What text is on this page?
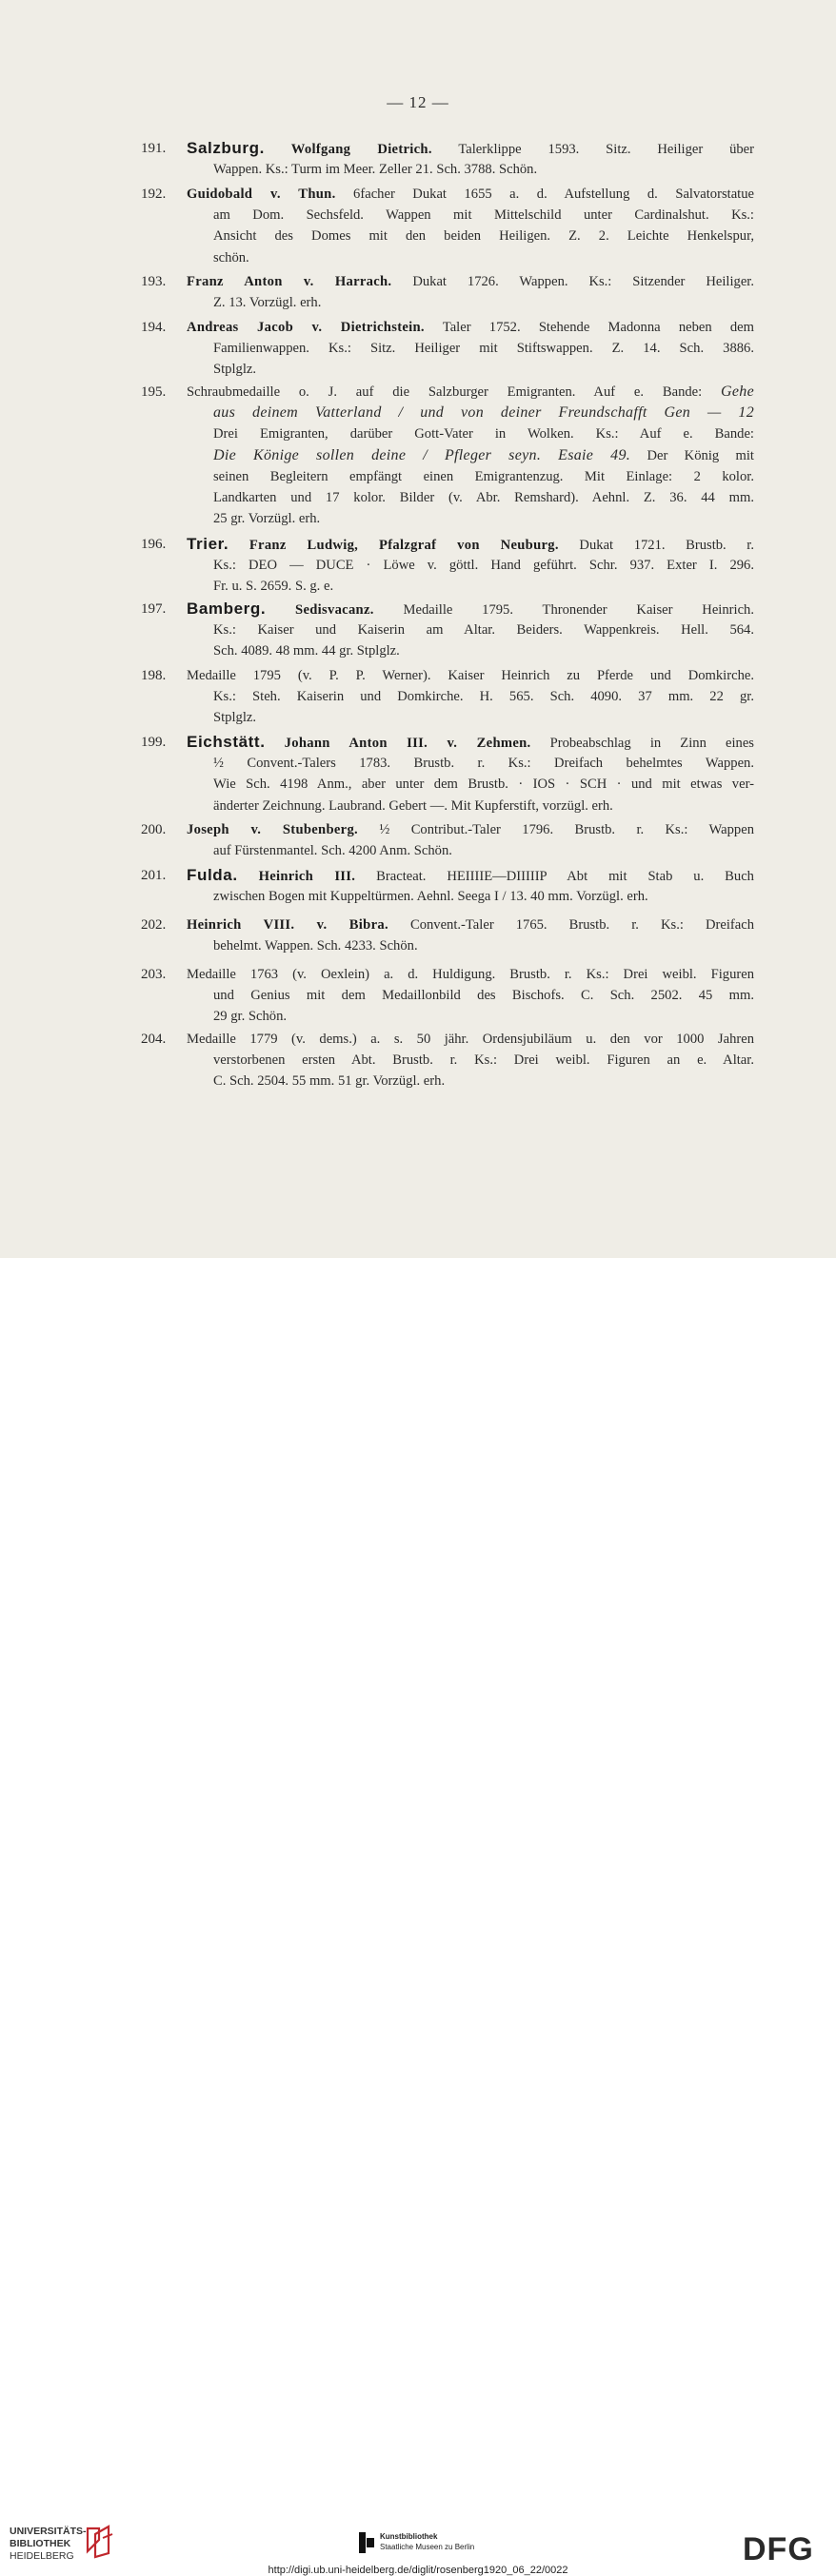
— 12 —
191. Salzburg. Wolfgang Dietrich. Talerklippe 1593. Sitz. Heiliger über
Wappen. Ks.: Turm im Meer. Zeller 21. Sch. 3788. Schön.
192. Guidobald v. Thun. 6facher Dukat 1655 a. d. Aufstellung d. Salvatorstatue
am Dom. Sechsfeld. Wappen mit Mittelschild unter Cardinalshut. Ks.:
Ansicht des Domes mit den beiden Heiligen. Z. 2. Leichte Henkelspur,
schön.
193. Franz Anton v. Harrach. Dukat 1726. Wappen. Ks.: Sitzender Heiliger.
Z. 13. Vorzügl. erh.
194. Andreas Jacob v. Dietrichstein. Taler 1752. Stehende Madonna neben dem
Familienwappen. Ks.: Sitz. Heiliger mit Stiftswappen. Z. 14. Sch. 3886.
Stplglz.
195. Schraubmedaille o. J. auf die Salzburger Emigranten. Auf e. Bande: Gehe
aus deinem Vatterland / und von deiner Freundschafft Gen — 12
Drei Emigranten, darüber Gott-Vater in Wolken. Ks.: Auf e. Bande:
Die Könige sollen deine / Pfleger seyn. Esaie 49. Der König mit
seinen Begleitern empfängt einen Emigrantenzug. Mit Einlage: 2 kolor.
Landkarten und 17 kolor. Bilder (v. Abr. Remshard). Aehnl. Z. 36. 44 mm.
25 gr. Vorzügl. erh.
196. Trier. Franz Ludwig, Pfalzgraf von Neuburg. Dukat 1721. Brustb. r.
Ks.: DEO — DUCE · Löwe v. göttl. Hand geführt. Schr. 937. Exter I. 296.
Fr. u. S. 2659. S. g. e.
197. Bamberg. Sedisvacanz. Medaille 1795. Thronender Kaiser Heinrich.
Ks.: Kaiser und Kaiserin am Altar. Beiders. Wappenkreis. Hell. 564.
Sch. 4089. 48 mm. 44 gr. Stplglz.
198. Medaille 1795 (v. P. P. Werner). Kaiser Heinrich zu Pferde und Domkirche.
Ks.: Steh. Kaiserin und Domkirche. H. 565. Sch. 4090. 37 mm. 22 gr.
Stplglz.
199. Eichstätt. Johann Anton III. v. Zehmen. Probeabschlag in Zinn eines
½ Convent.-Talers 1783. Brustb. r. Ks.: Dreifach behelmtes Wappen.
Wie Sch. 4198 Anm., aber unter dem Brustb. · IOS · SCH · und mit etwas ver-
änderter Zeichnung. Laubrand. Gebert —. Mit Kupferstift, vorzügl. erh.
200. Joseph v. Stubenberg. ½ Contribut.-Taler 1796. Brustb. r. Ks.: Wappen
auf Fürstenmantel. Sch. 4200 Anm. Schön.
201. Fulda. Heinrich III. Bracteat. HEIIIIE—DIIIIIP Abt mit Stab u. Buch
zwischen Bogen mit Kuppeltürmen. Aehnl. Seega I / 13. 40 mm. Vorzügl. erh.
202. Heinrich VIII. v. Bibra. Convent.-Taler 1765. Brustb. r. Ks.: Dreifach
behelmt. Wappen. Sch. 4233. Schön.
203. Medaille 1763 (v. Oexlein) a. d. Huldigung. Brustb. r. Ks.: Drei weibl. Figuren
und Genius mit dem Medaillonbild des Bischofs. C. Sch. 2502. 45 mm.
29 gr. Schön.
204. Medaille 1779 (v. dems.) a. s. 50 jähr. Ordensjubiläum u. den vor 1000 Jahren
verstorbenen ersten Abt. Brustb. r. Ks.: Drei weibl. Figuren an e. Altar.
C. Sch. 2504. 55 mm. 51 gr. Vorzügl. erh.
UNIVERSITÄTS-
BIBLIOTHEK
HEIDELBERG
Kunstbibliothek
Staatliche Museen zu Berlin	DFG
http://digi.ub.uni-heidelberg.de/diglit/rosenberg1920_06_22/0022
